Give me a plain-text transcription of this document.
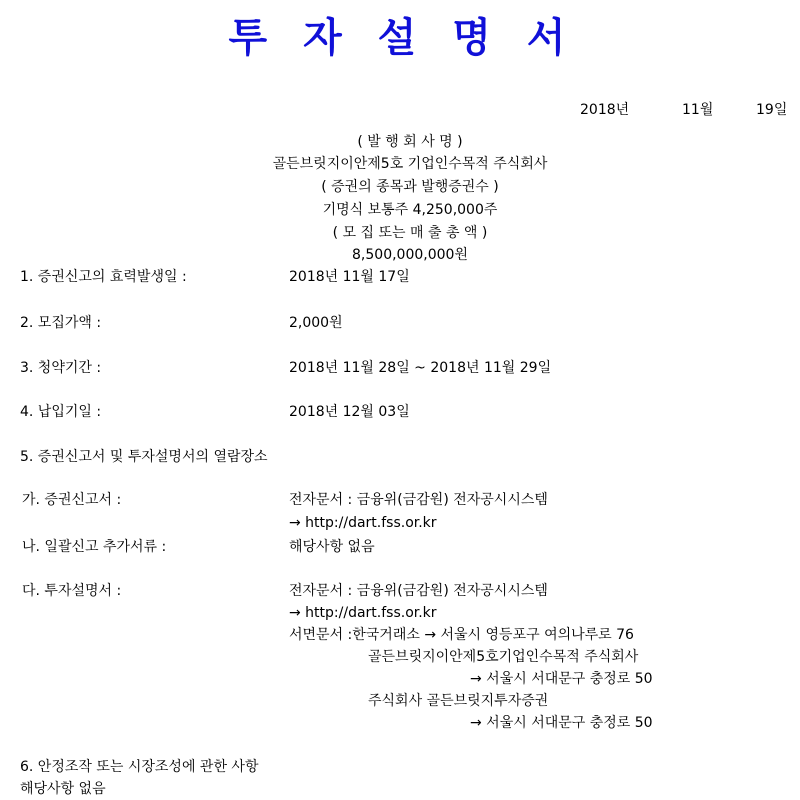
투 자 설 명 서
2018년	11월	19일
( 발 행 회 사 명 )
골든브릿지이안제5호 기업인수목적 주식회사
( 증권의 종목과 발행증권수 )
기명식 보통주 4,250,000주
( 모 집 또는 매 출 총 액 )
8,500,000,000원
1. 증권신고의 효력발생일 :	2018년 11월 17일
2. 모집가액 :	2,000원
3. 청약기간 :	2018년 11월 28일 ~ 2018년 11월 29일
4. 납입기일 :	2018년 12월 03일
5. 증권신고서 및 투자설명서의 열람장소
가. 증권신고서 :	전자문서 : 금융위(금감원) 전자공시시스템
→ http://dart.fss.or.kr
나. 일괄신고 추가서류 :	해당사항 없음
다. 투자설명서 :	전자문서 : 금융위(금감원) 전자공시시스템
→ http://dart.fss.or.kr
서면문서 :한국거래소 → 서울시 영등포구 여의나루로 76
골든브릿지이안제5호기업인수목적 주식회사
→ 서울시 서대문구 충정로 50
주식회사 골든브릿지투자증권
→ 서울시 서대문구 충정로 50
6. 안정조작 또는 시장조성에 관한 사항
해당사항 없음
